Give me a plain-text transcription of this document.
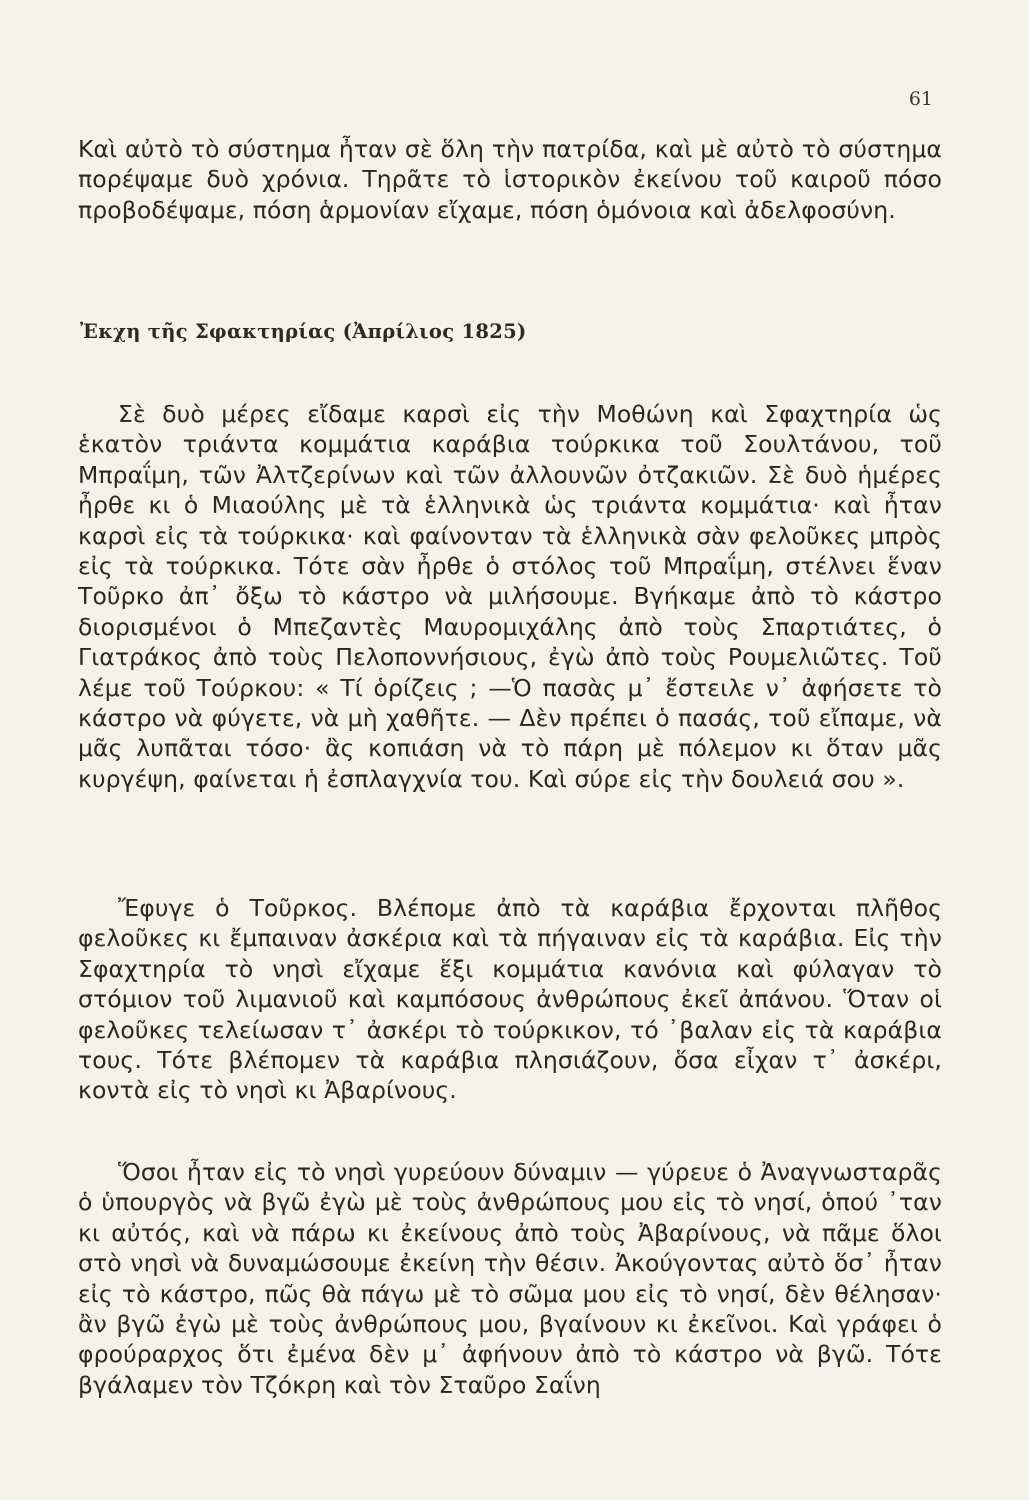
61
Καὶ αὐτὸ τὸ σύστημα ἦταν σὲ ὅλη τὴν πατρίδα, καὶ μὲ αὐτὸ τὸ σύστημα πορέψαμε δυὸ χρόνια. Τηρᾶτε τὸ ἱστορικὸν ἐκείνου τοῦ καιροῦ πόσο προβοδέψαμε, πόση ἁρμονίαν εἴχαμε, πόση ὁμόνοια καὶ ἀδελφοσύνη.
Ἐκχη τῆς Σφακτηρίας (Ἀπρίλιος 1825)

Σὲ δυὸ μέρες εἴδαμε καρσὶ εἰς τὴν Μοθώνη καὶ Σφαχτηρία ὡς ἑκατὸν τριάντα κομμάτια καράβια τούρκικα τοῦ Σουλτάνου, τοῦ Μπραΐμη, τῶν Ἀλτζερίνων καὶ τῶν ἀλλουνῶν ὀτζακιῶν. Σὲ δυὸ ἡμέρες ἦρθε κι ὁ Μιαούλης μὲ τὰ ἑλληνικὰ ὡς τριάντα κομμάτια· καὶ ἦταν καρσὶ εἰς τὰ τούρκικα· καὶ φαίνονταν τὰ ἑλληνικὰ σὰν φελοῦκες μπρὸς εἰς τὰ τούρκικα. Τότε σὰν ἦρθε ὁ στόλος τοῦ Μπραΐμη, στέλνει ἕναν Τοῦρκο ἀπ᾽ ὄξω τὸ κάστρο νὰ μιλήσουμε. Βγήκαμε ἀπὸ τὸ κάστρο διορισμένοι ὁ Μπεζαντὲς Μαυρομιχάλης ἀπὸ τοὺς Σπαρτιάτες, ὁ Γιατράκος ἀπὸ τοὺς Πελοποννήσιους, ἐγὼ ἀπὸ τοὺς Ρουμελιῶτες. Τοῦ λέμε τοῦ Τούρκου: « Τί ὁρίζεις ; —Ὁ πασὰς μ᾽ ἔστειλε ν᾽ ἀφήσετε τὸ κάστρο νὰ φύγετε, νὰ μὴ χαθῆτε. — Δὲν πρέπει ὁ πασάς, τοῦ εἴπαμε, νὰ μᾶς λυπᾶται τόσο· ἂς κοπιάση νὰ τὸ πάρη μὲ πόλεμον κι ὅταν μᾶς κυργέψη, φαίνεται ἡ ἐσπλαγχνία του. Καὶ σύρε εἰς τὴν δουλειά σου ».

Ἔφυγε ὁ Τοῦρκος. Βλέπομε ἀπὸ τὰ καράβια ἔρχονται πλῆθος φελοῦκες κι ἔμπαιναν ἀσκέρια καὶ τὰ πήγαιναν εἰς τὰ καράβια. Εἰς τὴν Σφαχτηρία τὸ νησὶ εἴχαμε ἕξι κομμάτια κανόνια καὶ φύλαγαν τὸ στόμιον τοῦ λιμανιοῦ καὶ καμπόσους ἀνθρώπους ἐκεῖ ἀπάνου. Ὅταν οἱ φελοῦκες τελείωσαν τ᾽ ἀσκέρι τὸ τούρκικον, τό ᾽βαλαν εἰς τὰ καράβια τους. Τότε βλέπομεν τὰ καράβια πλησιάζουν, ὅσα εἶχαν τ᾽ ἀσκέρι, κοντὰ εἰς τὸ νησὶ κι Ἀβαρίνους.

Ὅσοι ἦταν εἰς τὸ νησὶ γυρεύουν δύναμιν — γύρευε ὁ Ἀναγνωσταρᾶς ὁ ὑπουργὸς νὰ βγῶ ἐγὼ μὲ τοὺς ἀνθρώπους μου εἰς τὸ νησί, ὁπού ᾽ταν κι αὐτός, καὶ νὰ πάρω κι ἐκείνους ἀπὸ τοὺς Ἀβαρίνους, νὰ πᾶμε ὅλοι στὸ νησὶ νὰ δυναμώσουμε ἐκείνη τὴν θέσιν. Ἀκούγοντας αὐτὸ ὅσ᾽ ἦταν εἰς τὸ κάστρο, πῶς θὰ πάγω μὲ τὸ σῶμα μου εἰς τὸ νησί, δὲν θέλησαν· ἂν βγῶ ἐγὼ μὲ τοὺς ἀνθρώπους μου, βγαίνουν κι ἐκεῖνοι. Καὶ γράφει ὁ φρούραρχος ὅτι ἐμένα δὲν μ᾽ ἀφήνουν ἀπὸ τὸ κάστρο νὰ βγῶ. Τότε βγάλαμεν τὸν Τζόκρη καὶ τὸν Σταῦρο Σαΐνη
